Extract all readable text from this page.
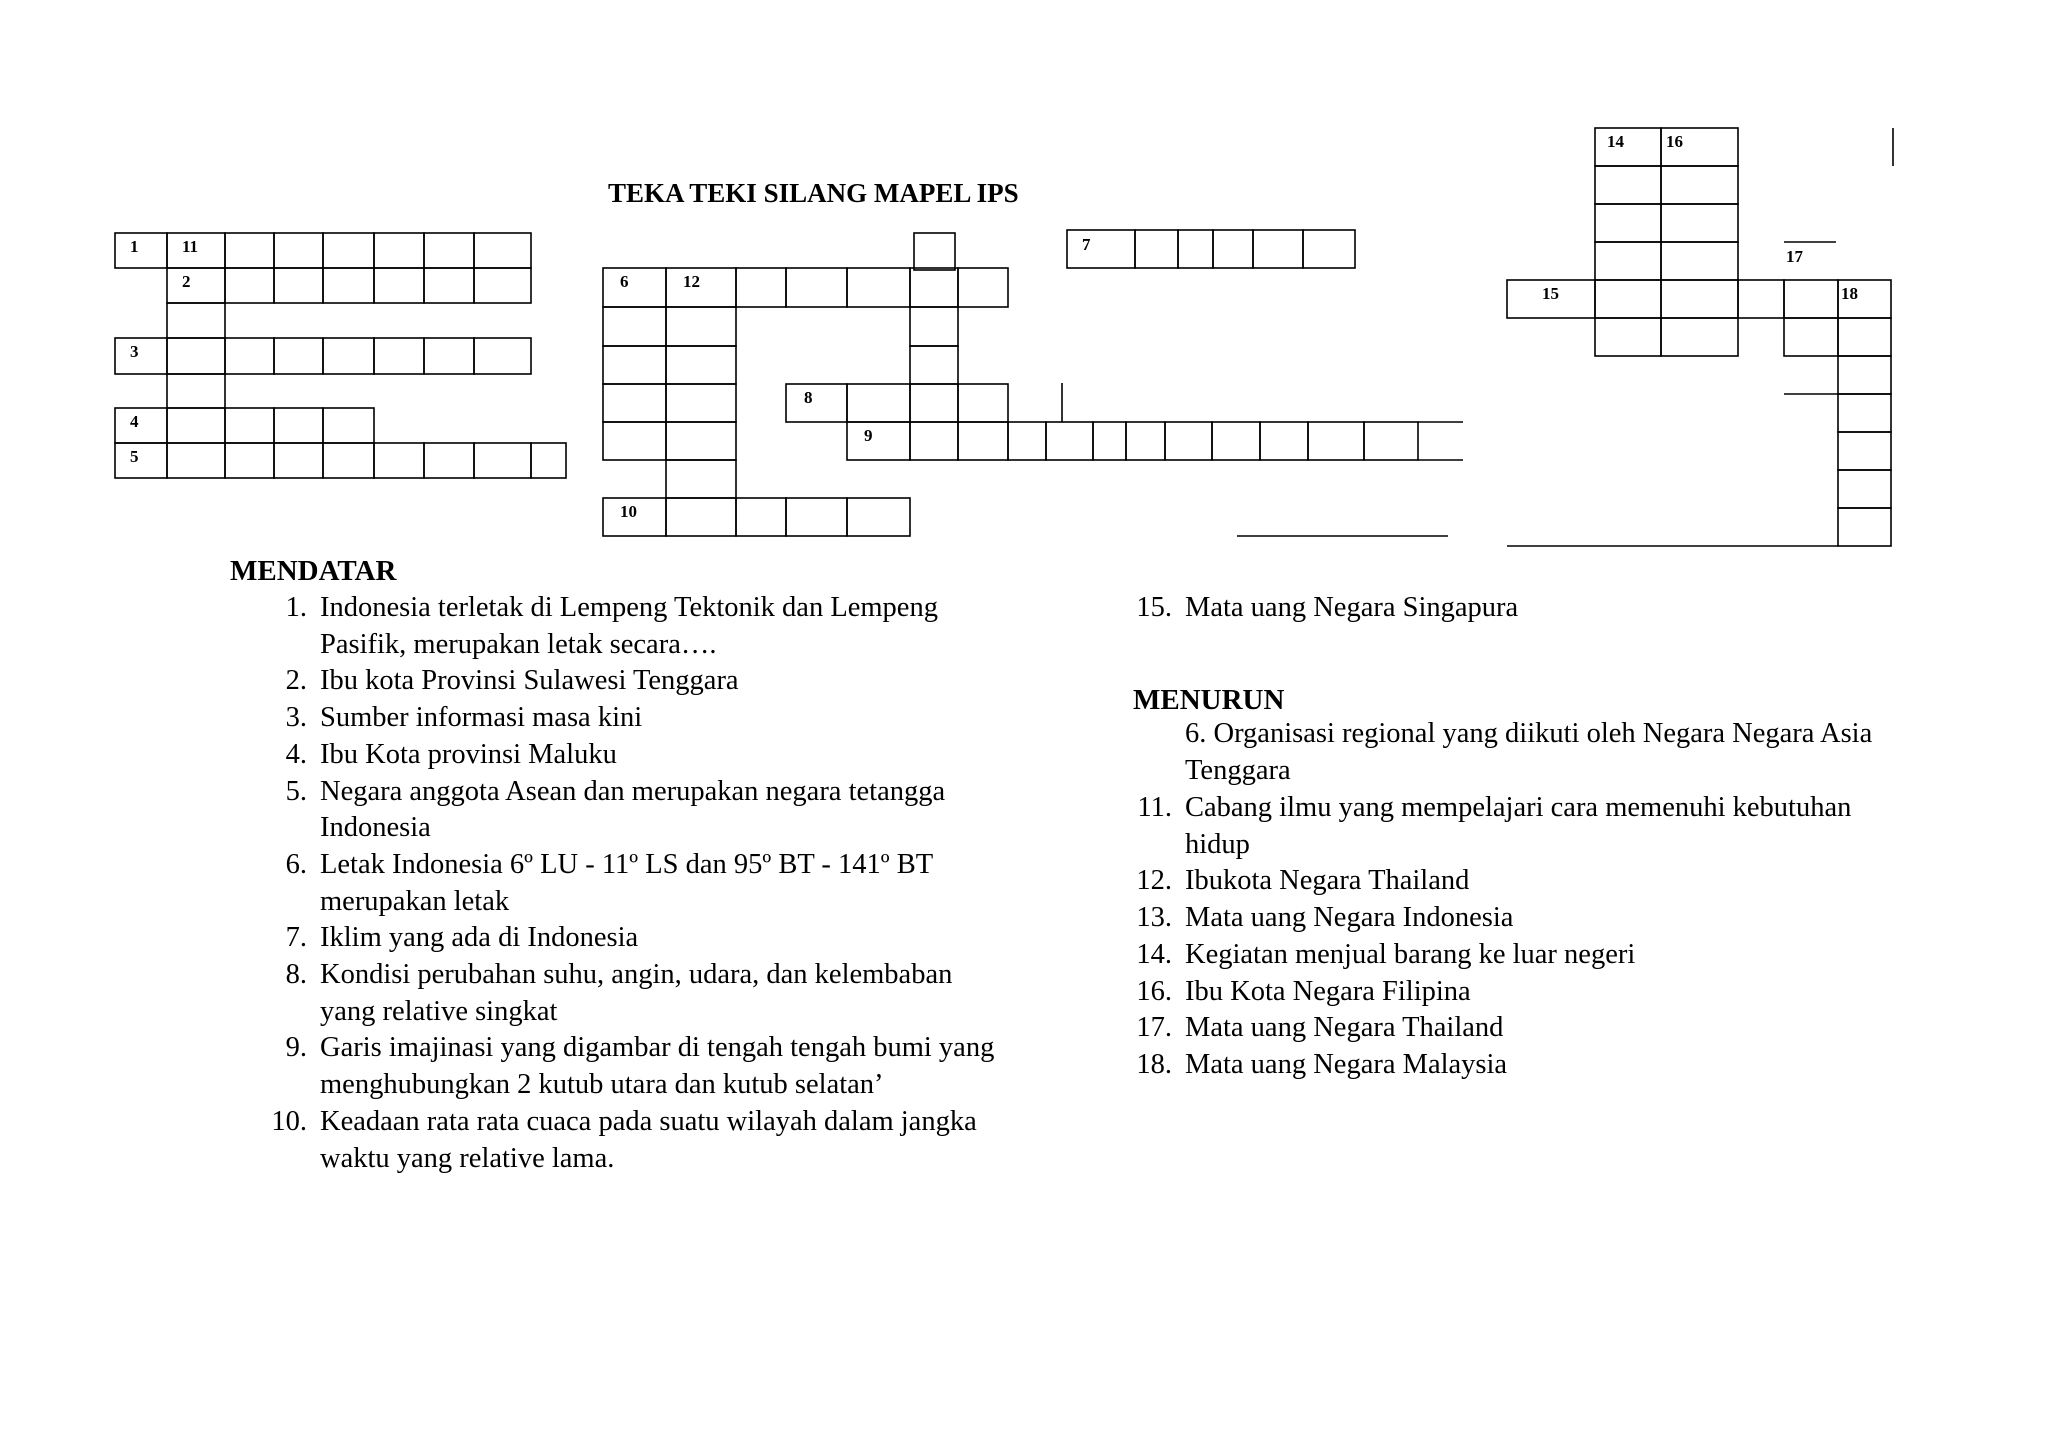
1	11
2
3
4
5
6	12
7
8
9
10
14 16
17
15	18
TEKA TEKI SILANG MAPEL IPS
MENDATAR
1. Indonesia terletak di Lempeng Tektonik dan Lempeng Pasifik, merupakan letak secara….
2. Ibu kota Provinsi Sulawesi Tenggara
3. Sumber informasi masa kini
4. Ibu Kota provinsi Maluku
5. Negara anggota Asean dan merupakan negara tetangga Indonesia
6. Letak Indonesia 6º LU - 11º LS dan 95º BT - 141º BT merupakan letak
7. Iklim yang ada di Indonesia
8. Kondisi perubahan suhu, angin, udara, dan kelembaban yang relative singkat
9. Garis imajinasi yang digambar di tengah tengah bumi yang menghubungkan 2 kutub utara dan kutub selatan’
10. Keadaan rata rata cuaca pada suatu wilayah dalam jangka waktu yang relative lama.
15. Mata uang Negara Singapura
MENURUN
6. Organisasi regional yang diikuti oleh Negara Negara Asia Tenggara
11. Cabang ilmu yang mempelajari cara memenuhi kebutuhan hidup
12. Ibukota Negara Thailand
13. Mata uang Negara Indonesia
14. Kegiatan menjual barang ke luar negeri
16. Ibu Kota Negara Filipina
17. Mata uang Negara Thailand
18. Mata uang Negara Malaysia
